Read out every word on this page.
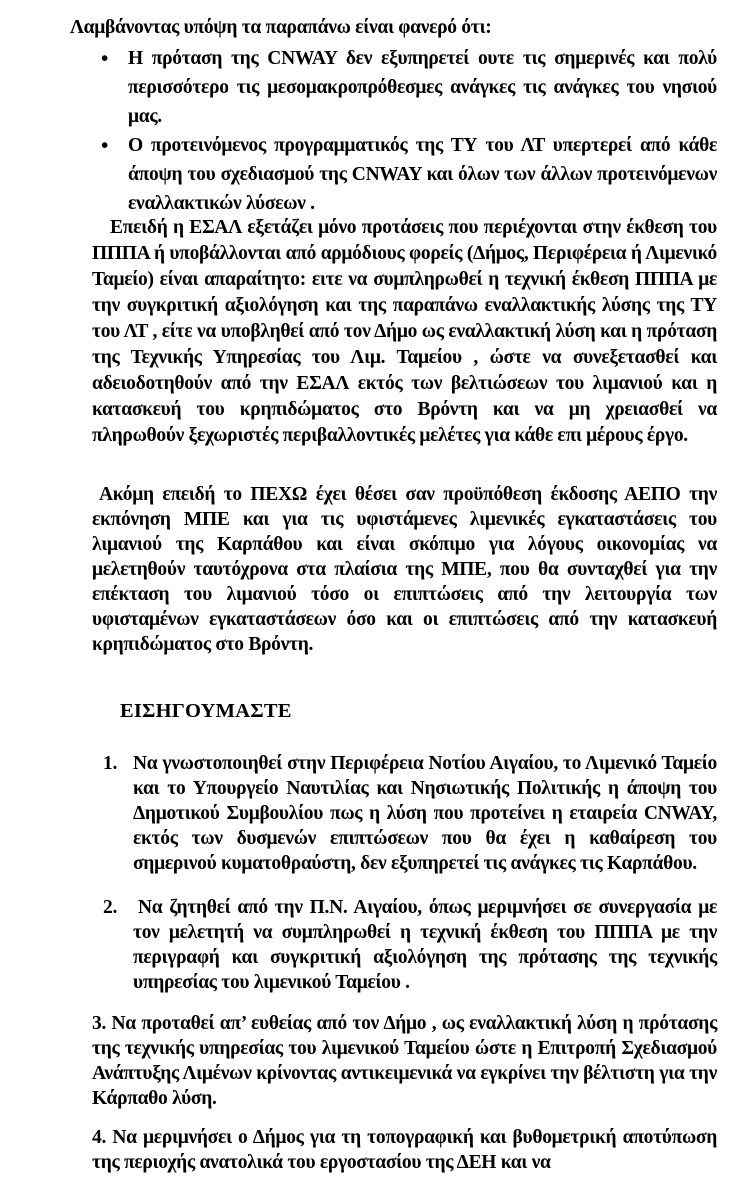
Λαμβάνοντας υπόψη τα παραπάνω είναι φανερό ότι:
• Η πρόταση της CNWAY δεν εξυπηρετεί ουτε τις σημερινές και πολύ περισσότερο τις μεσομακροπρόθεσμες ανάγκες τις ανάγκες του νησιού μας.
• Ο προτεινόμενος προγραμματικός της ΤΥ του ΛΤ υπερτερεί από κάθε άποψη του σχεδιασμού της CNWAY και όλων των άλλων προτεινόμενων εναλλακτικών λύσεων .
Επειδή η ΕΣΑΛ εξετάζει μόνο προτάσεις που περιέχονται στην έκθεση του ΠΠΠΑ ή υποβάλλονται από αρμόδιους φορείς (Δήμος, Περιφέρεια ή Λιμενικό Ταμείο) είναι απαραίτητο: ειτε να συμπληρωθεί η τεχνική έκθεση ΠΠΠΑ με την συγκριτική αξιολόγηση και της παραπάνω εναλλακτικής λύσης της ΤΥ του ΛΤ , είτε να υποβληθεί από τον Δήμο ως εναλλακτική λύση και η πρόταση της Τεχνικής Υπηρεσίας του Λιμ. Ταμείου , ώστε να συνεξετασθεί και αδειοδοτηθούν από την ΕΣΑΛ εκτός των βελτιώσεων του λιμανιού και η κατασκευή του κρηπιδώματος στο Βρόντη και να μη χρειασθεί να πληρωθούν ξεχωριστές περιβαλλοντικές μελέτες για κάθε επι μέρους έργο.
Ακόμη επειδή το ΠΕΧΩ έχει θέσει σαν προϋπόθεση έκδοσης ΑΕΠΟ την εκπόνηση ΜΠΕ και για τις υφιστάμενες λιμενικές εγκαταστάσεις του λιμανιού της Καρπάθου και είναι σκόπιμο για λόγους οικονομίας να μελετηθούν ταυτόχρονα στα πλαίσια της ΜΠΕ, που θα συνταχθεί για την επέκταση του λιμανιού τόσο οι επιπτώσεις από την λειτουργία των υφισταμένων εγκαταστάσεων όσο και οι επιπτώσεις από την κατασκευή κρηπιδώματος στο Βρόντη.
ΕΙΣΗΓΟΥΜΑΣΤΕ
1. Να γνωστοποιηθεί στην Περιφέρεια Νοτίου Αιγαίου, το Λιμενικό Ταμείο και το Υπουργείο Ναυτιλίας και Νησιωτικής Πολιτικής η άποψη του Δημοτικού Συμβουλίου πως η λύση που προτείνει η εταιρεία CNWAY, εκτός των δυσμενών επιπτώσεων που θα έχει η καθαίρεση του σημερινού κυματοθραύστη, δεν εξυπηρετεί τις ανάγκες τις Καρπάθου.
2. Να ζητηθεί από την Π.Ν. Αιγαίου, όπως μεριμνήσει σε συνεργασία με τον μελετητή να συμπληρωθεί η τεχνική έκθεση του ΠΠΠΑ με την περιγραφή και συγκριτική αξιολόγηση της πρότασης της τεχνικής υπηρεσίας του λιμενικού Ταμείου .
3. Να προταθεί απ’ ευθείας από τον Δήμο , ως εναλλακτική λύση η πρότασης της τεχνικής υπηρεσίας του λιμενικού Ταμείου ώστε η Επιτροπή Σχεδιασμού Ανάπτυξης Λιμένων κρίνοντας αντικειμενικά να εγκρίνει την βέλτιστη για την Κάρπαθο λύση.
4. Να μεριμνήσει ο Δήμος για τη τοπογραφική και βυθομετρική αποτύπωση της περιοχής ανατολικά του εργοστασίου της ΔΕΗ και να
